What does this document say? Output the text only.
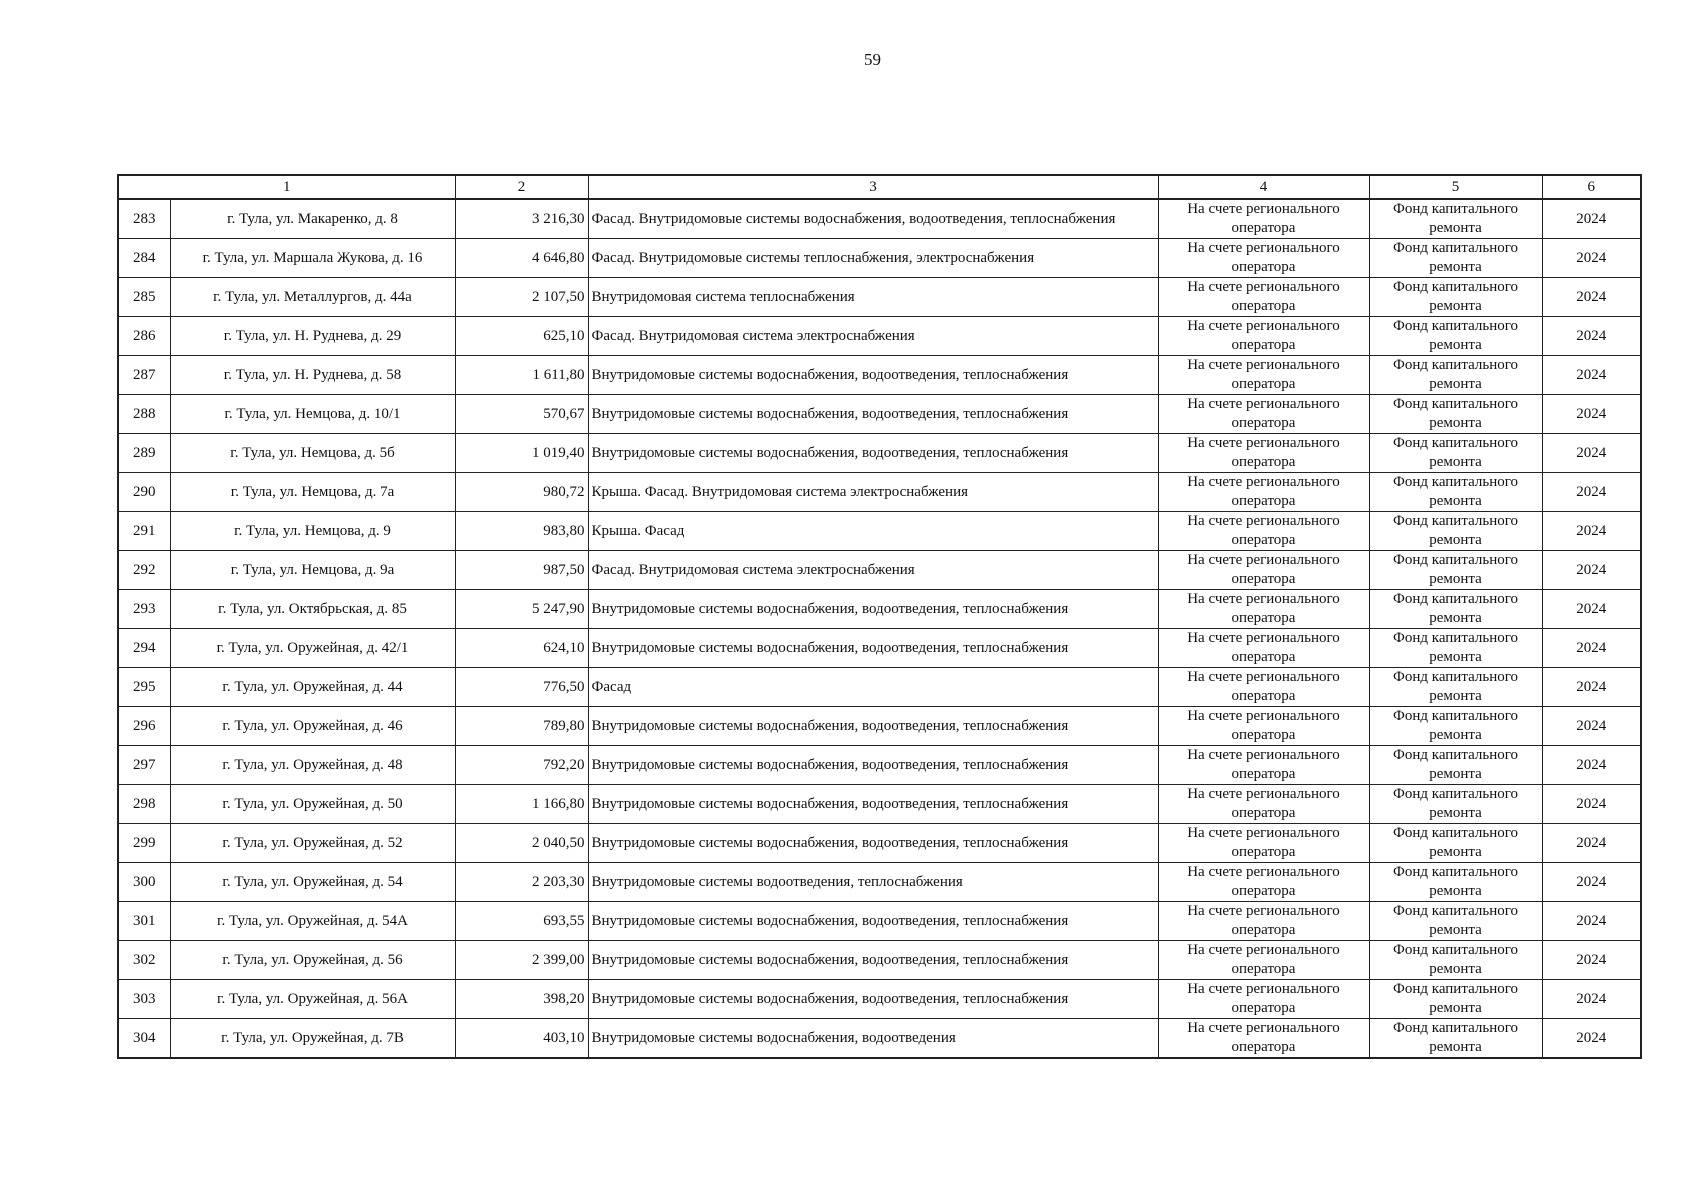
59
1		2	3	4	5	6
283	г. Тула, ул. Макаренко, д. 8	3 216,30	Фасад. Внутридомовые системы водоснабжения, водоотведения, теплоснабжения	На счете регионального оператора	Фонд капитального ремонта	2024
284	г. Тула, ул. Маршала Жукова, д. 16	4 646,80	Фасад. Внутридомовые системы теплоснабжения, электроснабжения	На счете регионального оператора	Фонд капитального ремонта	2024
285	г. Тула, ул. Металлургов, д. 44а	2 107,50	Внутридомовая система теплоснабжения	На счете регионального оператора	Фонд капитального ремонта	2024
286	г. Тула, ул. Н. Руднева, д. 29	625,10	Фасад. Внутридомовая система электроснабжения	На счете регионального оператора	Фонд капитального ремонта	2024
287	г. Тула, ул. Н. Руднева, д. 58	1 611,80	Внутридомовые системы водоснабжения, водоотведения, теплоснабжения	На счете регионального оператора	Фонд капитального ремонта	2024
288	г. Тула, ул. Немцова, д. 10/1	570,67	Внутридомовые системы водоснабжения, водоотведения, теплоснабжения	На счете регионального оператора	Фонд капитального ремонта	2024
289	г. Тула, ул. Немцова, д. 5б	1 019,40	Внутридомовые системы водоснабжения, водоотведения, теплоснабжения	На счете регионального оператора	Фонд капитального ремонта	2024
290	г. Тула, ул. Немцова, д. 7а	980,72	Крыша. Фасад. Внутридомовая система электроснабжения	На счете регионального оператора	Фонд капитального ремонта	2024
291	г. Тула, ул. Немцова, д. 9	983,80	Крыша. Фасад	На счете регионального оператора	Фонд капитального ремонта	2024
292	г. Тула, ул. Немцова, д. 9а	987,50	Фасад. Внутридомовая система электроснабжения	На счете регионального оператора	Фонд капитального ремонта	2024
293	г. Тула, ул. Октябрьская, д. 85	5 247,90	Внутридомовые системы водоснабжения, водоотведения, теплоснабжения	На счете регионального оператора	Фонд капитального ремонта	2024
294	г. Тула, ул. Оружейная, д. 42/1	624,10	Внутридомовые системы водоснабжения, водоотведения, теплоснабжения	На счете регионального оператора	Фонд капитального ремонта	2024
295	г. Тула, ул. Оружейная, д. 44	776,50	Фасад	На счете регионального оператора	Фонд капитального ремонта	2024
296	г. Тула, ул. Оружейная, д. 46	789,80	Внутридомовые системы водоснабжения, водоотведения, теплоснабжения	На счете регионального оператора	Фонд капитального ремонта	2024
297	г. Тула, ул. Оружейная, д. 48	792,20	Внутридомовые системы водоснабжения, водоотведения, теплоснабжения	На счете регионального оператора	Фонд капитального ремонта	2024
298	г. Тула, ул. Оружейная, д. 50	1 166,80	Внутридомовые системы водоснабжения, водоотведения, теплоснабжения	На счете регионального оператора	Фонд капитального ремонта	2024
299	г. Тула, ул. Оружейная, д. 52	2 040,50	Внутридомовые системы водоснабжения, водоотведения, теплоснабжения	На счете регионального оператора	Фонд капитального ремонта	2024
300	г. Тула, ул. Оружейная, д. 54	2 203,30	Внутридомовые системы водоотведения, теплоснабжения	На счете регионального оператора	Фонд капитального ремонта	2024
301	г. Тула, ул. Оружейная, д. 54А	693,55	Внутридомовые системы водоснабжения, водоотведения, теплоснабжения	На счете регионального оператора	Фонд капитального ремонта	2024
302	г. Тула, ул. Оружейная, д. 56	2 399,00	Внутридомовые системы водоснабжения, водоотведения, теплоснабжения	На счете регионального оператора	Фонд капитального ремонта	2024
303	г. Тула, ул. Оружейная, д. 56А	398,20	Внутридомовые системы водоснабжения, водоотведения, теплоснабжения	На счете регионального оператора	Фонд капитального ремонта	2024
304	г. Тула, ул. Оружейная, д. 7В	403,10	Внутридомовые системы водоснабжения, водоотведения	На счете регионального оператора	Фонд капитального ремонта	2024
